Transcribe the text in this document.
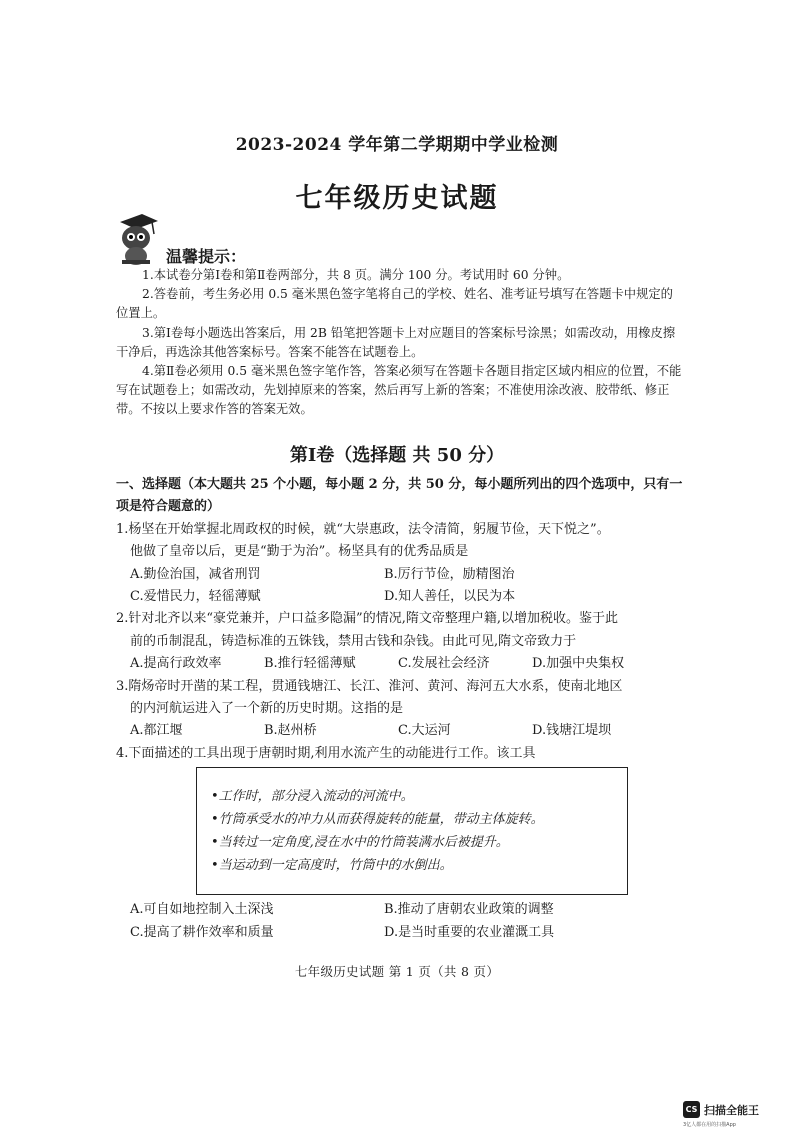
2023-2024 学年第二学期期中学业检测
七年级历史试题
温馨提示：

1.本试卷分第Ⅰ卷和第Ⅱ卷两部分，共 8 页。满分 100 分。考试用时 60 分钟。

2.答卷前，考生务必用 0.5 毫米黑色签字笔将自己的学校、姓名、准考证号填写在答题卡中规定的位置上。

3.第Ⅰ卷每小题选出答案后，用 2B 铅笔把答题卡上对应题目的答案标号涂黑；如需改动，用橡皮擦干净后，再选涂其他答案标号。答案不能答在试题卷上。

4.第Ⅱ卷必须用 0.5 毫米黑色签字笔作答，答案必须写在答题卡各题目指定区域内相应的位置，不能写在试题卷上；如需改动，先划掉原来的答案，然后再写上新的答案；不准使用涂改液、胶带纸、修正带。不按以上要求作答的答案无效。

第Ⅰ卷（选择题 共 50 分）

一、选择题（本大题共 25 个小题，每小题 2 分，共 50 分，每小题所列出的四个选项中，只有一项是符合题意的）

1.杨坚在开始掌握北周政权的时候，就“大崇惠政，法令清简，躬履节俭，天下悦之”。

他做了皇帝以后，更是“勤于为治”。杨坚具有的优秀品质是

A.勤俭治国，减省刑罚	B.厉行节俭，励精图治
C.爱惜民力，轻徭薄赋	D.知人善任，以民为本

2.针对北齐以来“豪党兼并，户口益多隐漏”的情况,隋文帝整理户籍,以增加税收。鉴于此

前的币制混乱，铸造标准的五铢钱，禁用古钱和杂钱。由此可见,隋文帝致力于

A.提高行政效率	B.推行轻徭薄赋	C.发展社会经济	D.加强中央集权

3.隋炀帝时开凿的某工程，贯通钱塘江、长江、淮河、黄河、海河五大水系，使南北地区

的内河航运进入了一个新的历史时期。这指的是

A.都江堰	B.赵州桥	C.大运河	D.钱塘江堤坝

4.下面描述的工具出现于唐朝时期,利用水流产生的动能进行工作。该工具

•工作时，部分浸入流动的河流中。
•竹筒承受水的冲力从而获得旋转的能量，带动主体旋转。
•当转过一定角度,浸在水中的竹筒装满水后被提升。
•当运动到一定高度时，竹筒中的水倒出。
A.可自如地控制入土深浅	B.推动了唐朝农业政策的调整
C.提高了耕作效率和质量	D.是当时重要的农业灌溉工具
七年级历史试题 第 1 页（共 8 页）
CS 扫描全能王
3亿人都在用的扫描App
